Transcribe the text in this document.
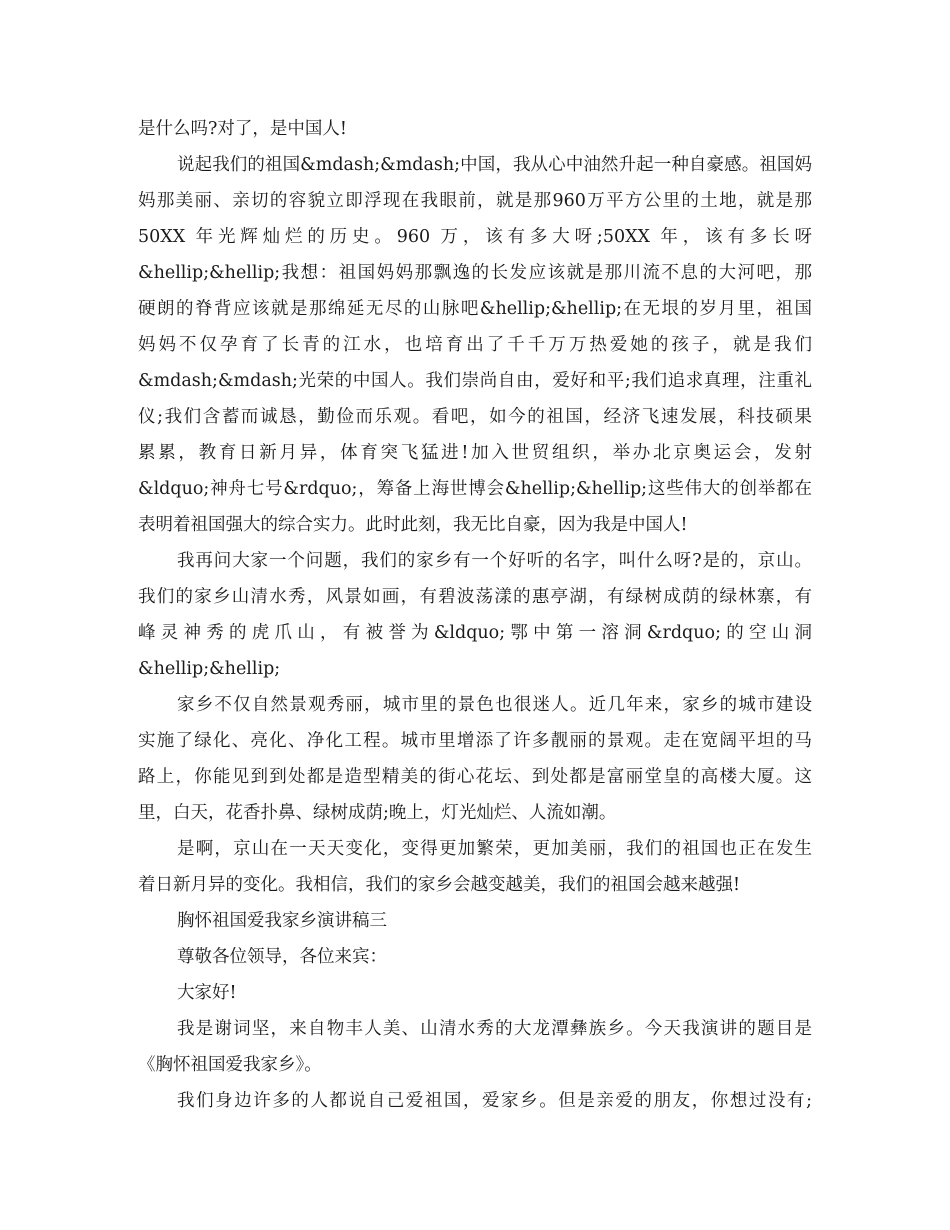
是什么吗?对了，是中国人!
说起我们的祖国&mdash;&mdash;中国，我从心中油然升起一种自豪感。祖国妈
妈那美丽、亲切的容貌立即浮现在我眼前，就是那960万平方公里的土地，就是那
50XX 年光辉灿烂的历史。960 万，该有多大呀;50XX 年，该有多长呀
&hellip;&hellip;我想：祖国妈妈那飘逸的长发应该就是那川流不息的大河吧，那
硬朗的脊背应该就是那绵延无尽的山脉吧&hellip;&hellip;在无垠的岁月里，祖国
妈妈不仅孕育了长青的江水，也培育出了千千万万热爱她的孩子，就是我们
&mdash;&mdash;光荣的中国人。我们崇尚自由，爱好和平;我们追求真理，注重礼
仪;我们含蓄而诚恳，勤俭而乐观。看吧，如今的祖国，经济飞速发展，科技硕果
累累，教育日新月异，体育突飞猛进!加入世贸组织，举办北京奥运会，发射
&ldquo;神舟七号&rdquo;，筹备上海世博会&hellip;&hellip;这些伟大的创举都在
表明着祖国强大的综合实力。此时此刻，我无比自豪，因为我是中国人!
我再问大家一个问题，我们的家乡有一个好听的名字，叫什么呀?是的，京山。
我们的家乡山清水秀，风景如画，有碧波荡漾的惠亭湖，有绿树成荫的绿林寨，有
峰灵神秀的虎爪山，有被誉为&ldquo;鄂中第一溶洞&rdquo;的空山洞
&hellip;&hellip;
家乡不仅自然景观秀丽，城市里的景色也很迷人。近几年来，家乡的城市建设
实施了绿化、亮化、净化工程。城市里增添了许多靓丽的景观。走在宽阔平坦的马
路上，你能见到到处都是造型精美的街心花坛、到处都是富丽堂皇的高楼大厦。这
里，白天，花香扑鼻、绿树成荫;晚上，灯光灿烂、人流如潮。
是啊，京山在一天天变化，变得更加繁荣，更加美丽，我们的祖国也正在发生
着日新月异的变化。我相信，我们的家乡会越变越美，我们的祖国会越来越强!
胸怀祖国爱我家乡演讲稿三
尊敬各位领导，各位来宾：
大家好!
我是谢词坚，来自物丰人美、山清水秀的大龙潭彝族乡。今天我演讲的题目是
《胸怀祖国爱我家乡》。
我们身边许多的人都说自己爱祖国，爱家乡。但是亲爱的朋友，你想过没有;
